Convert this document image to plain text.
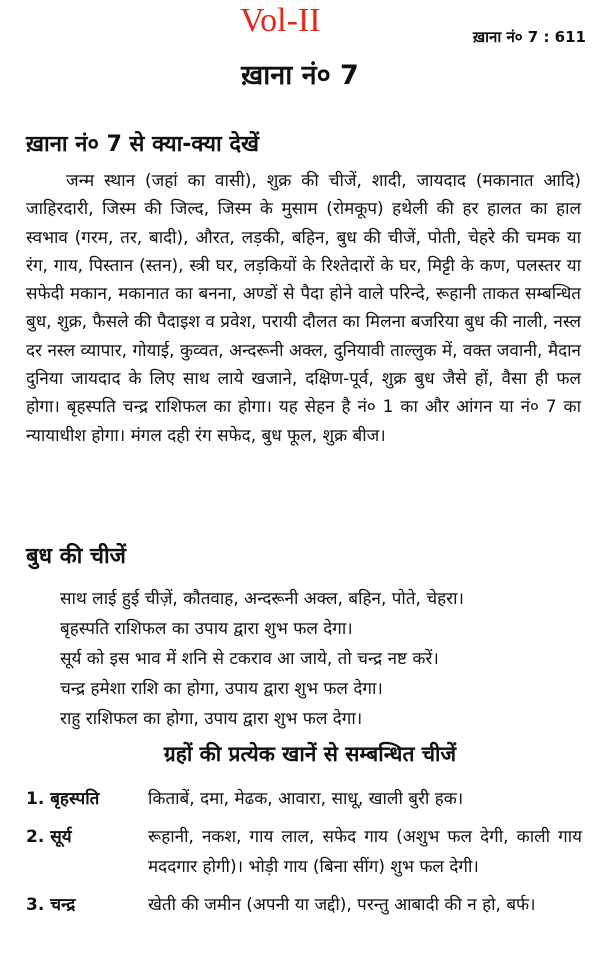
Vol-II	ख़ाना नं० 7 : 611
ख़ाना नं० 7
ख़ाना नं० 7 से क्या-क्या देखें

जन्म स्थान (जहां का वासी), शुक्र की चीजें, शादी, जायदाद (मकानात आदि) जाहिरदारी, जिस्म की जिल्द, जिस्म के मुसाम (रोमकूप) हथेली की हर हालत का हाल स्वभाव (गरम, तर, बादी), औरत, लड़की, बहिन, बुध की चीजें, पोती, चेहरे की चमक या रंग, गाय, पिस्तान (स्तन), स्त्री घर, लड़कियों के रिश्तेदारों के घर, मिट्टी के कण, पलस्तर या सफेदी मकान, मकानात का बनना, अण्डों से पैदा होने वाले परिन्दे, रूहानी ताकत सम्बन्धित बुध, शुक्र, फैसले की पैदाइश व प्रवेश, परायी दौलत का मिलना बजरिया बुध की नाली, नस्ल दर नस्ल व्यापार, गोयाई, कुव्वत, अन्दरूनी अक्ल, दुनियावी ताल्लुक में, वक्त जवानी, मैदान दुनिया जायदाद के लिए साथ लाये खजाने, दक्षिण-पूर्व, शुक्र बुध जैसे हों, वैसा ही फल होगा। बृहस्पति चन्द्र राशिफल का होगा। यह सेहन है नं० 1 का और आंगन या नं० 7 का न्यायाधीश होगा। मंगल दही रंग सफेद, बुध फूल, शुक्र बीज।

बुध की चीजें
साथ लाई हुई चीज़ें, कौतवाह, अन्दरूनी अक्ल, बहिन, पोते, चेहरा।
बृहस्पति राशिफल का उपाय द्वारा शुभ फल देगा।
सूर्य को इस भाव में शनि से टकराव आ जाये, तो चन्द्र नष्ट करें।
चन्द्र हमेशा राशि का होगा, उपाय द्वारा शुभ फल देगा।
राहु राशिफल का होगा, उपाय द्वारा शुभ फल देगा।
ग्रहों की प्रत्येक खानें से सम्बन्धित चीजें
1. बृहस्पति	किताबें, दमा, मेढक, आवारा, साधू, खाली बुरी हक।
2. सूर्य	रूहानी, नकश, गाय लाल, सफेद गाय (अशुभ फल देगी, काली गाय मददगार होगी)। भोड़ी गाय (बिना सींग) शुभ फल देगी।
3. चन्द्र	खेती की जमीन (अपनी या जद्दी), परन्तु आबादी की न हो, बर्फ।
